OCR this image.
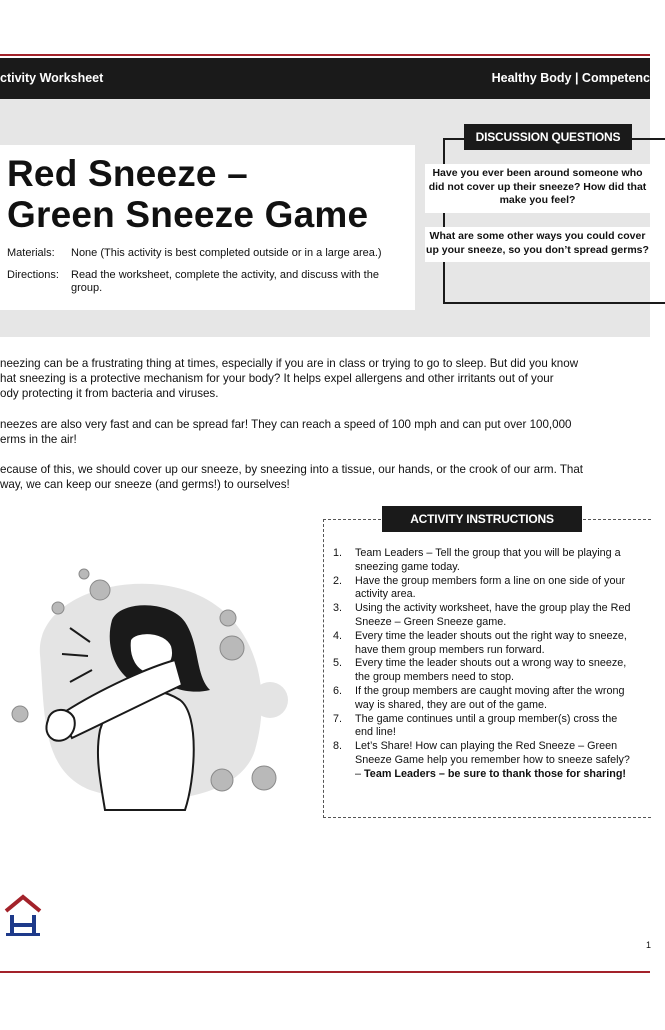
ctivity Worksheet	Healthy Body | Competenc
Red Sneeze –
Green Sneeze Game
Materials:	None (This activity is best completed outside or in a large area.)
Directions:	Read the worksheet, complete the activity, and discuss with the group.
DISCUSSION QUESTIONS
Have you ever been around someone who did not cover up their sneeze? How did that make you feel?
What are some other ways you could cover up your sneeze, so you don’t spread germs?
neezing can be a frustrating thing at times, especially if you are in class or trying to go to sleep. But did you know
hat sneezing is a protective mechanism for your body? It helps expel allergens and other irritants out of your
ody protecting it from bacteria and viruses.
neezes are also very fast and can be spread far! They can reach a speed of 100 mph and can put over 100,000
erms in the air!
ecause of this, we should cover up our sneeze, by sneezing into a tissue, our hands, or the crook of our arm. That
way, we can keep our sneeze (and germs!) to ourselves!
ACTIVITY INSTRUCTIONS
1. Team Leaders – Tell the group that you will be playing a sneezing game today.
2. Have the group members form a line on one side of your activity area.
3. Using the activity worksheet, have the group play the Red Sneeze – Green Sneeze game.
4. Every time the leader shouts out the right way to sneeze, have them group members run forward.
5. Every time the leader shouts out a wrong way to sneeze, the group members need to stop.
6. If the group members are caught moving after the wrong way is shared, they are out of the game.
7. The game continues until a group member(s) cross the end line!
8. Let’s Share! How can playing the Red Sneeze – Green Sneeze Game help you remember how to sneeze safely? – Team Leaders – be sure to thank those for sharing!
1
